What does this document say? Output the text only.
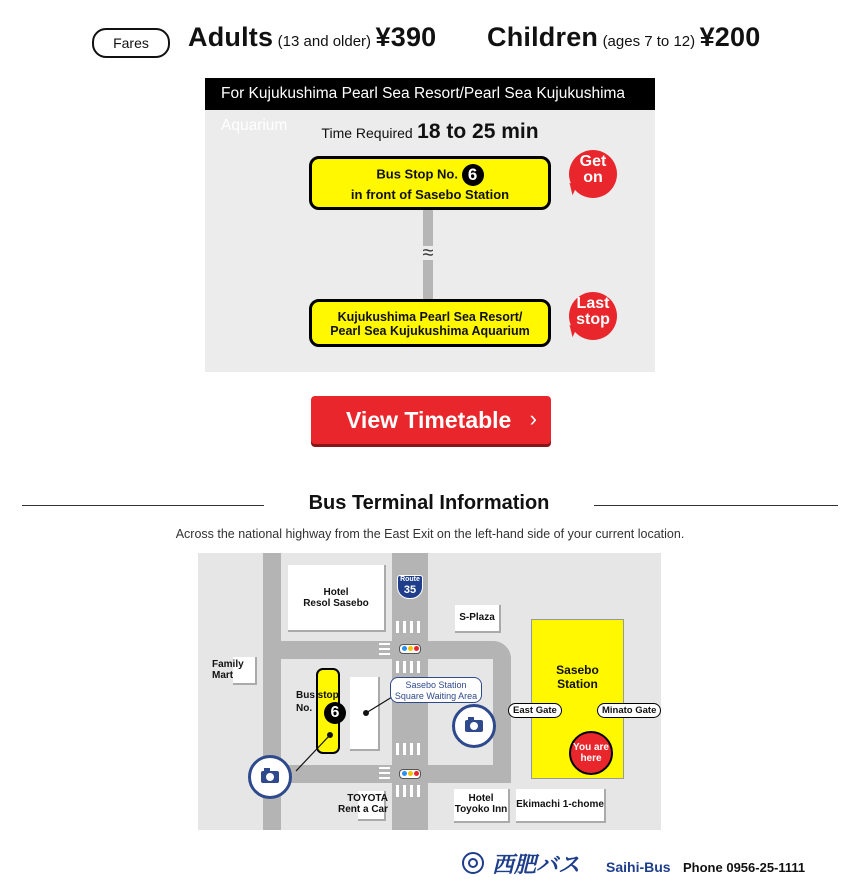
Fares	Adults (13 and older) ¥390 Children (ages 7 to 12) ¥200
For Kujukushima Pearl Sea Resort/Pearl Sea Kujukushima Aquarium	Time Required 18 to 25 min
≈
Bus Stop No. 6
in front of Sasebo Station
Get
on
Kujukushima Pearl Sea Resort/
Pearl Sea Kujukushima Aquarium
Last
stop
View Timetable ›
Bus Terminal Information
Across the national highway from the East Exit on the left-hand side of your current location.
Hotel
Resol Sasebo
S-Plaza
Family
Mart
TOYOTA
Rent a Car
Hotel
Toyoko Inn Ekimachi 1-chome
Route
35
Bus stop
No.	6
Sasebo Station
Square Waiting Area
Sasebo
Station
East Gate	Minato Gate
You are
here
西肥バス Saihi-Bus Phone 0956-25-1111
